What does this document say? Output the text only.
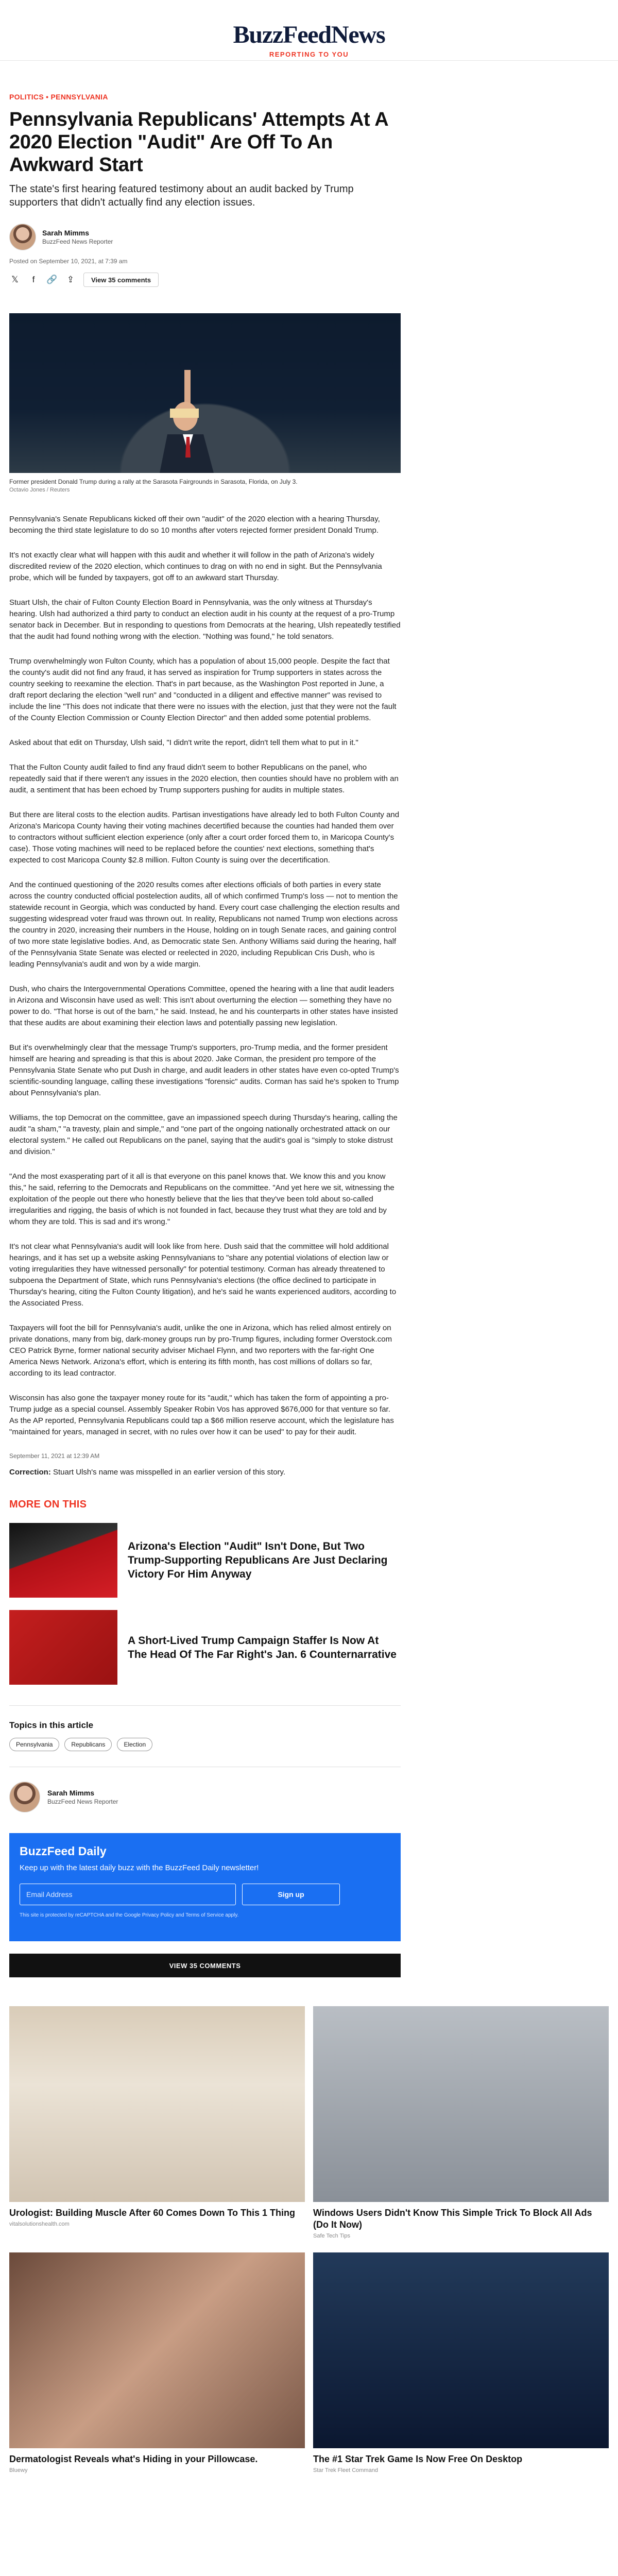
BuzzFeedNews
REPORTING TO YOU
POLITICS • PENNSYLVANIA
Pennsylvania Republicans' Attempts At A 2020 Election "Audit" Are Off To An Awkward Start

The state's first hearing featured testimony about an audit backed by Trump supporters that didn't actually find any election issues.

Sarah Mimms
BuzzFeed News Reporter
Posted on September 10, 2021, at 7:39 am
𝕏	f	🔗 ⇪	View 35 comments
Former president Donald Trump during a rally at the Sarasota Fairgrounds in Sarasota, Florida, on July 3.
Octavio Jones / Reuters

Pennsylvania's Senate Republicans kicked off their own "audit" of the 2020 election with a hearing Thursday, becoming the third state legislature to do so 10 months after voters rejected former president Donald Trump.

It's not exactly clear what will happen with this audit and whether it will follow in the path of Arizona's widely discredited review of the 2020 election, which continues to drag on with no end in sight. But the Pennsylvania probe, which will be funded by taxpayers, got off to an awkward start Thursday.

Stuart Ulsh, the chair of Fulton County Election Board in Pennsylvania, was the only witness at Thursday's hearing. Ulsh had authorized a third party to conduct an election audit in his county at the request of a pro-Trump senator back in December. But in responding to questions from Democrats at the hearing, Ulsh repeatedly testified that the audit had found nothing wrong with the election. "Nothing was found," he told senators.

Trump overwhelmingly won Fulton County, which has a population of about 15,000 people. Despite the fact that the county's audit did not find any fraud, it has served as inspiration for Trump supporters in states across the country seeking to reexamine the election. That's in part because, as the Washington Post reported in June, a draft report declaring the election "well run" and "conducted in a diligent and effective manner" was revised to include the line "This does not indicate that there were no issues with the election, just that they were not the fault of the County Election Commission or County Election Director" and then added some potential problems.

Asked about that edit on Thursday, Ulsh said, "I didn't write the report, didn't tell them what to put in it."

That the Fulton County audit failed to find any fraud didn't seem to bother Republicans on the panel, who repeatedly said that if there weren't any issues in the 2020 election, then counties should have no problem with an audit, a sentiment that has been echoed by Trump supporters pushing for audits in multiple states.

But there are literal costs to the election audits. Partisan investigations have already led to both Fulton County and Arizona's Maricopa County having their voting machines decertified because the counties had handed them over to contractors without sufficient election experience (only after a court order forced them to, in Maricopa County's case). Those voting machines will need to be replaced before the counties' next elections, something that's expected to cost Maricopa County $2.8 million. Fulton County is suing over the decertification.

And the continued questioning of the 2020 results comes after elections officials of both parties in every state across the country conducted official postelection audits, all of which confirmed Trump's loss — not to mention the statewide recount in Georgia, which was conducted by hand. Every court case challenging the election results and suggesting widespread voter fraud was thrown out. In reality, Republicans not named Trump won elections across the country in 2020, increasing their numbers in the House, holding on in tough Senate races, and gaining control of two more state legislative bodies. And, as Democratic state Sen. Anthony Williams said during the hearing, half of the Pennsylvania State Senate was elected or reelected in 2020, including Republican Cris Dush, who is leading Pennsylvania's audit and won by a wide margin.

Dush, who chairs the Intergovernmental Operations Committee, opened the hearing with a line that audit leaders in Arizona and Wisconsin have used as well: This isn't about overturning the election — something they have no power to do. "That horse is out of the barn," he said. Instead, he and his counterparts in other states have insisted that these audits are about examining their election laws and potentially passing new legislation.

But it's overwhelmingly clear that the message Trump's supporters, pro-Trump media, and the former president himself are hearing and spreading is that this is about 2020. Jake Corman, the president pro tempore of the Pennsylvania State Senate who put Dush in charge, and audit leaders in other states have even co-opted Trump's scientific-sounding language, calling these investigations "forensic" audits. Corman has said he's spoken to Trump about Pennsylvania's plan.

Williams, the top Democrat on the committee, gave an impassioned speech during Thursday's hearing, calling the audit "a sham," "a travesty, plain and simple," and "one part of the ongoing nationally orchestrated attack on our electoral system." He called out Republicans on the panel, saying that the audit's goal is "simply to stoke distrust and division."

"And the most exasperating part of it all is that everyone on this panel knows that. We know this and you know this," he said, referring to the Democrats and Republicans on the committee. "And yet here we sit, witnessing the exploitation of the people out there who honestly believe that the lies that they've been told about so-called irregularities and rigging, the basis of which is not founded in fact, because they trust what they are told and by whom they are told. This is sad and it's wrong."

It's not clear what Pennsylvania's audit will look like from here. Dush said that the committee will hold additional hearings, and it has set up a website asking Pennsylvanians to "share any potential violations of election law or voting irregularities they have witnessed personally" for potential testimony. Corman has already threatened to subpoena the Department of State, which runs Pennsylvania's elections (the office declined to participate in Thursday's hearing, citing the Fulton County litigation), and he's said he wants experienced auditors, according to the Associated Press.

Taxpayers will foot the bill for Pennsylvania's audit, unlike the one in Arizona, which has relied almost entirely on private donations, many from big, dark-money groups run by pro-Trump figures, including former Overstock.com CEO Patrick Byrne, former national security adviser Michael Flynn, and two reporters with the far-right One America News Network. Arizona's effort, which is entering its fifth month, has cost millions of dollars so far, according to its lead contractor.

Wisconsin has also gone the taxpayer money route for its "audit," which has taken the form of appointing a pro-Trump judge as a special counsel. Assembly Speaker Robin Vos has approved $676,000 for that venture so far. As the AP reported, Pennsylvania Republicans could tap a $66 million reserve account, which the legislature has "maintained for years, managed in secret, with no rules over how it can be used" to pay for their audit.

September 11, 2021 at 12:39 AM

Correction: Stuart Ulsh's name was misspelled in an earlier version of this story.

MORE ON THIS
Arizona's Election "Audit" Isn't Done, But Two Trump-Supporting Republicans Are Just Declaring Victory For Him Anyway
A Short-Lived Trump Campaign Staffer Is Now At The Head Of The Far Right's Jan. 6 Counternarrative
Topics in this article
Pennsylvania	Republicans	Election
Sarah Mimms
BuzzFeed News Reporter
BuzzFeed Daily
Keep up with the latest daily buzz with the BuzzFeed Daily newsletter!
Email Address
Sign up
This site is protected by reCAPTCHA and the Google Privacy Policy and Terms of Service apply.
VIEW 35 COMMENTS
Urologist: Building Muscle After 60 Comes Down To This 1 Thing
vitalsolutionshealth.com
Windows Users Didn't Know This Simple Trick To Block All Ads (Do It Now)
Safe Tech Tips
Dermatologist Reveals what's Hiding in your Pillowcase.
Bluewy
The #1 Star Trek Game Is Now Free On Desktop
Star Trek Fleet Command
